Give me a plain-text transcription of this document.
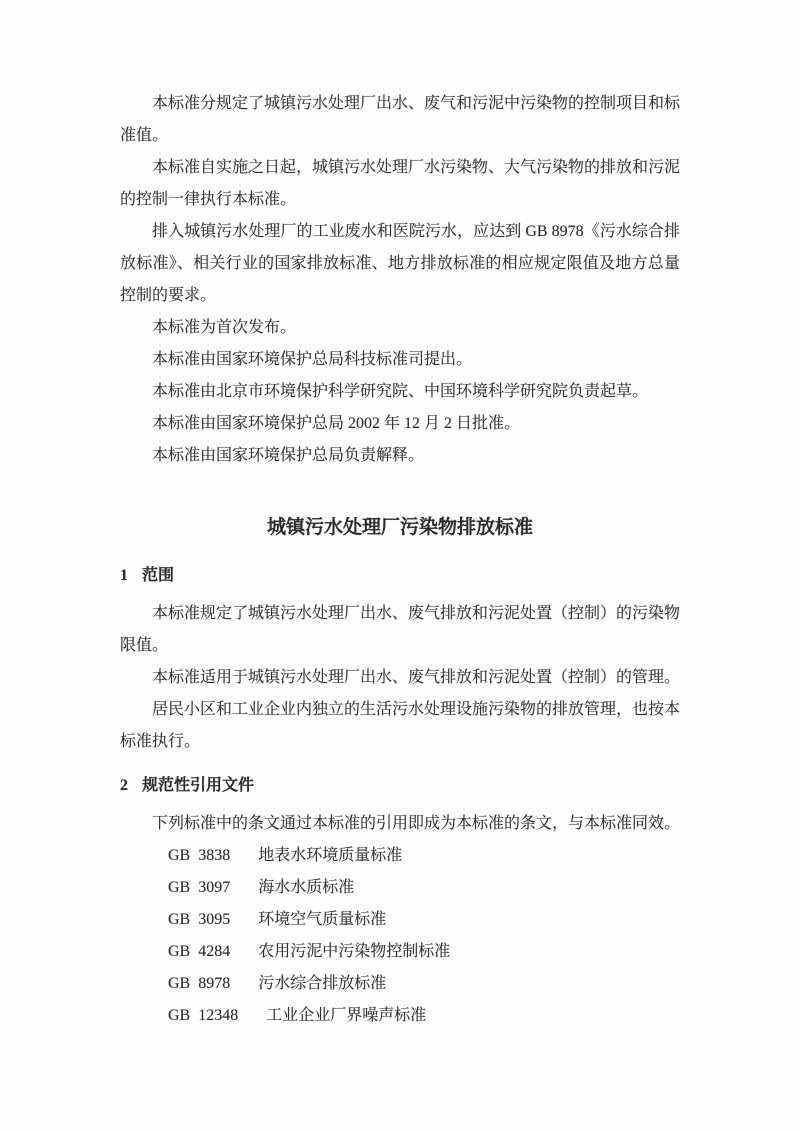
本标准分规定了城镇污水处理厂出水、废气和污泥中污染物的控制项目和标准值。

本标准自实施之日起，城镇污水处理厂水污染物、大气污染物的排放和污泥的控制一律执行本标准。

排入城镇污水处理厂的工业废水和医院污水，应达到 GB 8978《污水综合排放标准》、相关行业的国家排放标准、地方排放标准的相应规定限值及地方总量控制的要求。

本标准为首次发布。

本标准由国家环境保护总局科技标准司提出。

本标准由北京市环境保护科学研究院、中国环境科学研究院负责起草。

本标准由国家环境保护总局 2002 年 12 月 2 日批准。

本标准由国家环境保护总局负责解释。

城镇污水处理厂污染物排放标准

1 范围

本标准规定了城镇污水处理厂出水、废气排放和污泥处置（控制）的污染物限值。

本标准适用于城镇污水处理厂出水、废气排放和污泥处置（控制）的管理。

居民小区和工业企业内独立的生活污水处理设施污染物的排放管理，也按本标准执行。

2 规范性引用文件

下列标准中的条文通过本标准的引用即成为本标准的条文，与本标准同效。

GB 3838 地表水环境质量标准

GB 3097 海水水质标准

GB 3095 环境空气质量标准

GB 4284 农用污泥中污染物控制标准

GB 8978 污水综合排放标准

GB 12348 工业企业厂界噪声标准
